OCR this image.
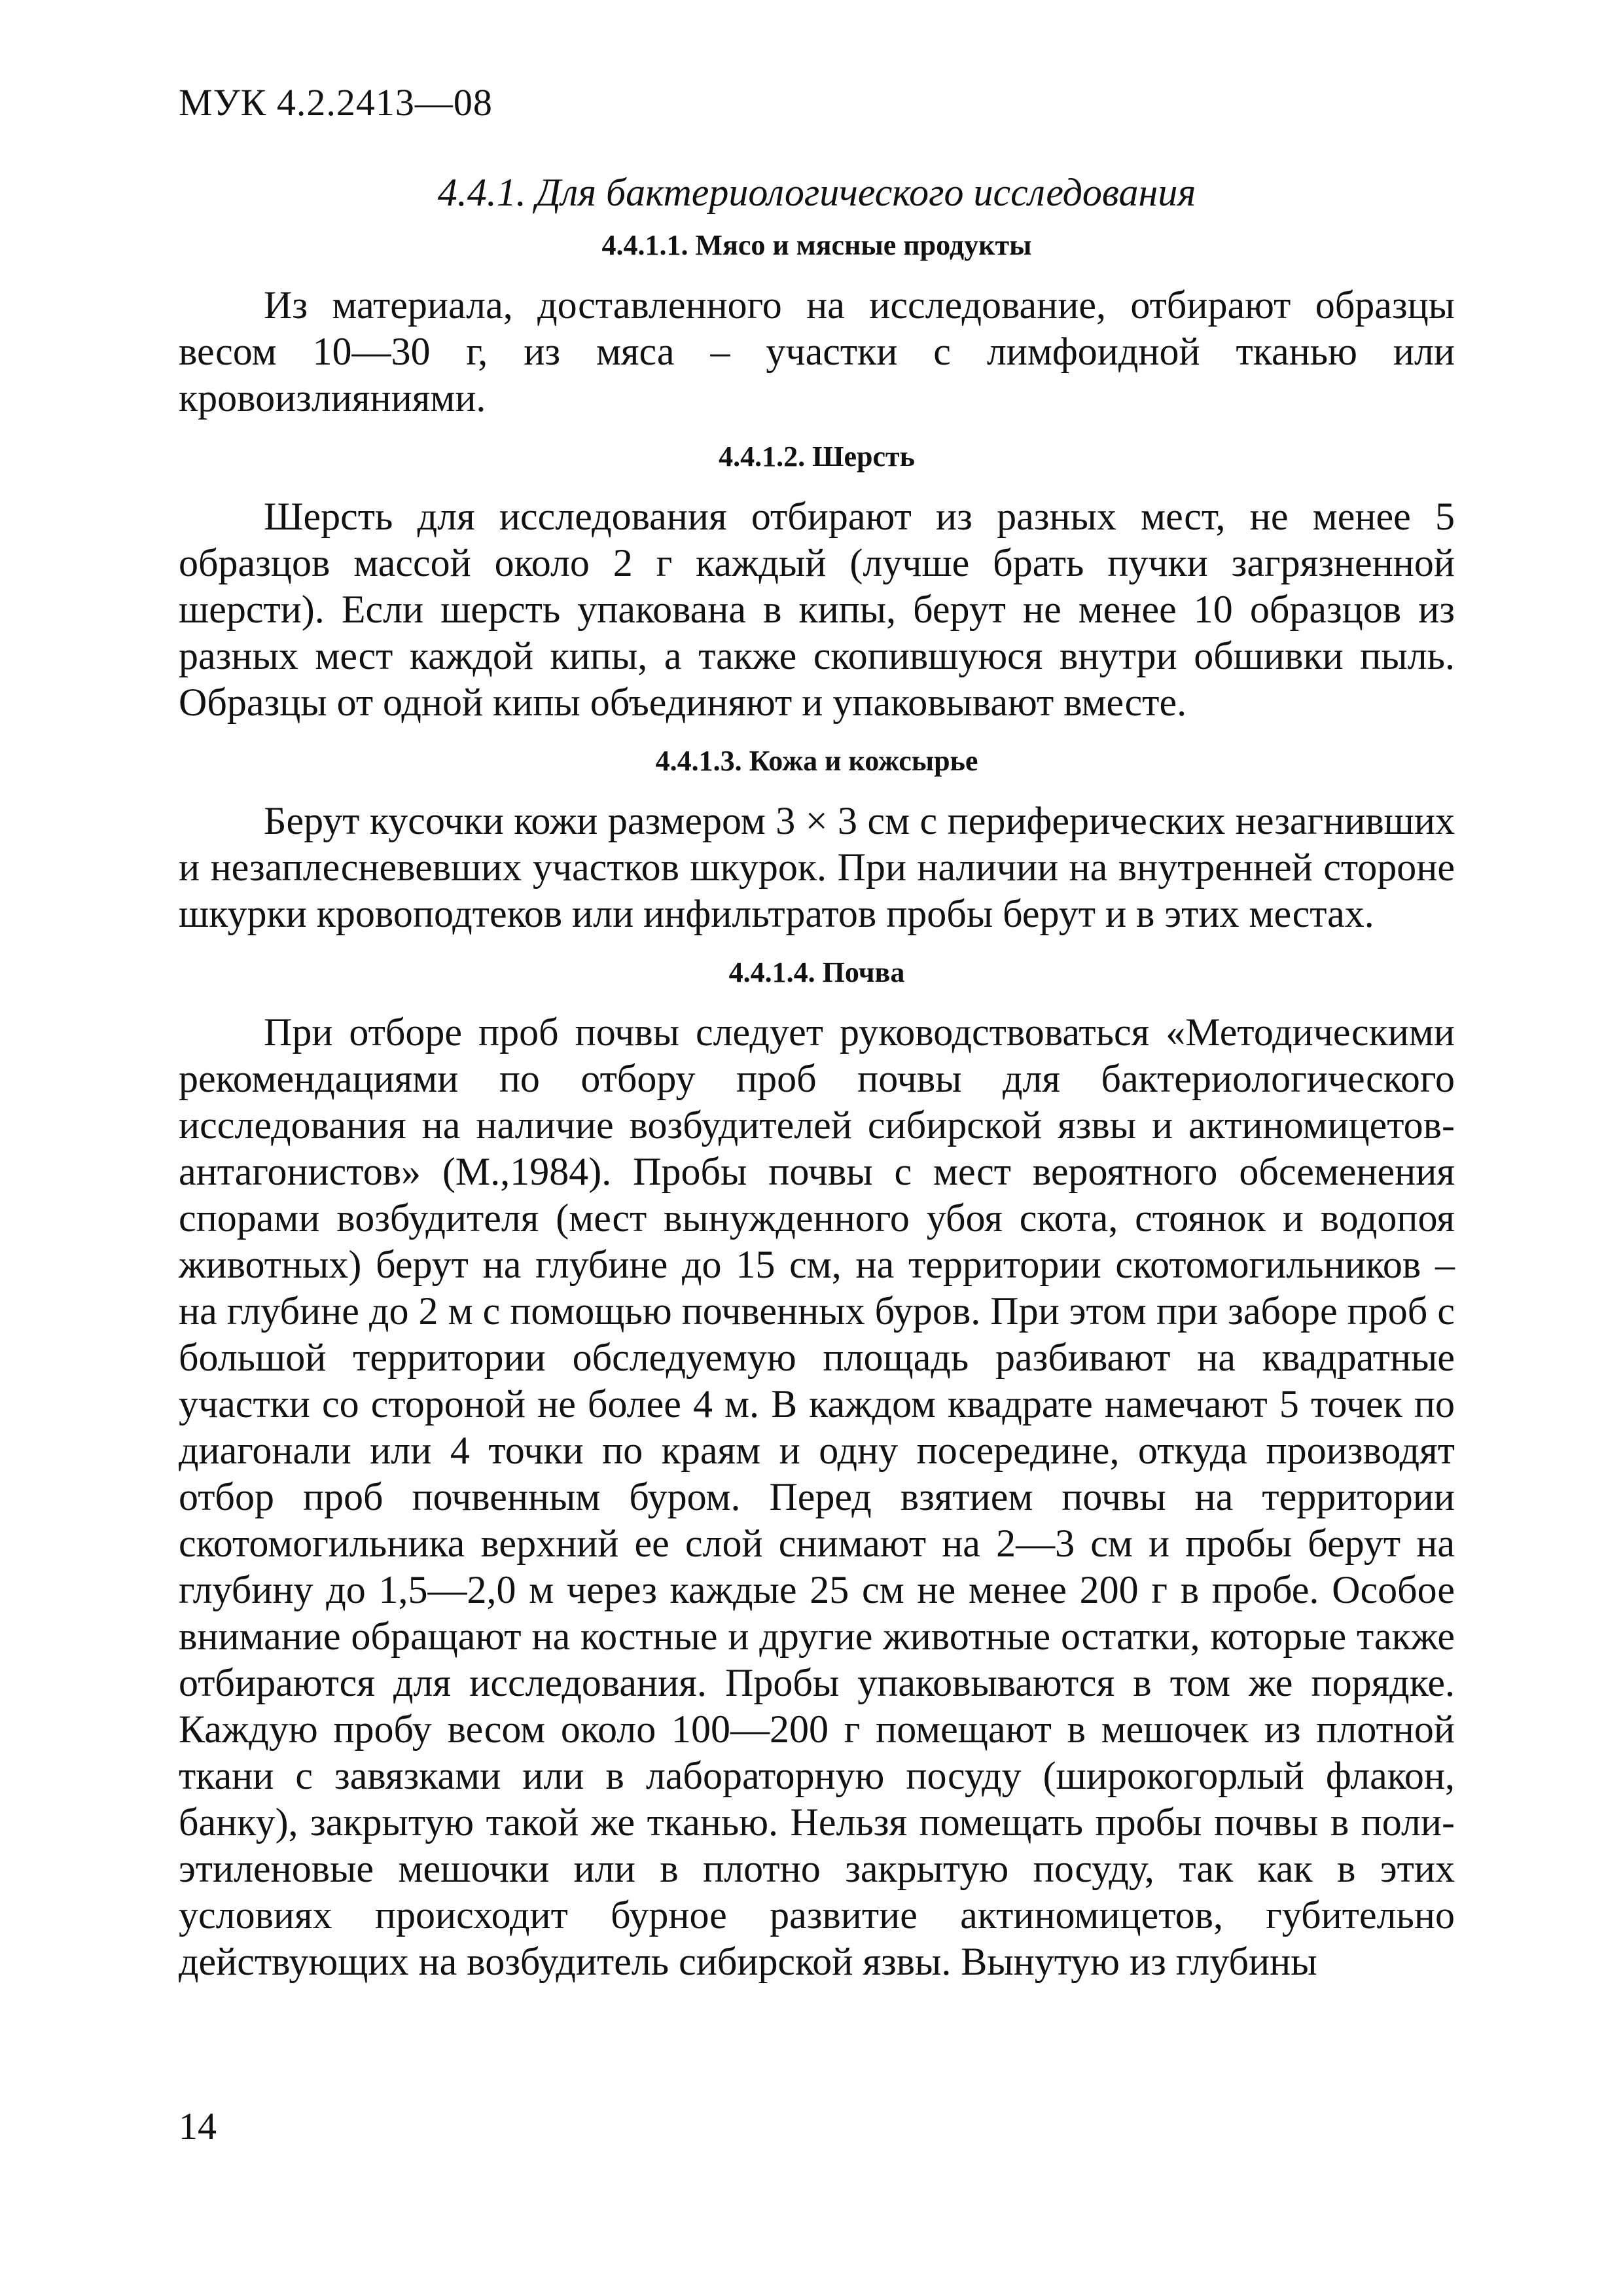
МУК 4.2.2413—08
4.4.1. Для бактериологического исследования
4.4.1.1. Мясо и мясные продукты

Из материала, доставленного на исследование, отбирают образцы весом 10—30 г, из мяса – участки с лимфоидной тканью или кровоизлияниями.

4.4.1.2. Шерсть

Шерсть для исследования отбирают из разных мест, не менее 5 образцов массой около 2 г каждый (лучше брать пучки загрязненной шерсти). Если шерсть упакована в кипы, берут не менее 10 образцов из разных мест каждой кипы, а также скопившуюся внутри обшивки пыль. Образцы от одной кипы объединяют и упаковывают вместе.

4.4.1.3. Кожа и кожсырье

Берут кусочки кожи размером 3 × 3 см с периферических незагнивших и незаплесневевших участков шкурок. При наличии на внутренней стороне шкурки кровоподтеков или инфильтратов пробы берут и в этих местах.

4.4.1.4. Почва

При отборе проб почвы следует руководствоваться «Методическими рекомендациями по отбору проб почвы для бактериологического исследования на наличие возбудителей сибирской язвы и актиномицетов-антагонистов» (М.,1984). Пробы почвы с мест вероятного обсеменения спорами возбудителя (мест вынужденного убоя скота, стоянок и водопоя животных) берут на глубине до 15 см, на территории скотомогильников – на глубине до 2 м с помощью почвенных буров. При этом при заборе проб с большой территории обследуемую площадь разбивают на квадратные участки со стороной не более 4 м. В каждом квадрате намечают 5 точек по диагонали или 4 точки по краям и одну посередине, откуда производят отбор проб почвенным буром. Перед взятием почвы на территории скотомогильника верхний ее слой снимают на 2—3 см и пробы берут на глубину до 1,5—2,0 м через каждые 25 см не менее 200 г в пробе. Особое внимание обращают на костные и другие животные остатки, которые также отбираются для исследования. Пробы упаковываются в том же порядке. Каждую пробу весом около 100—200 г помещают в мешочек из плотной ткани с завязками или в лабораторную посуду (широкогорлый флакон, банку), закрытую такой же тканью. Нельзя помещать пробы почвы в полиэтиленовые мешочки или в плотно закрытую посуду, так как в этих условиях происходит бурное развитие актиномицетов, губительно действующих на возбудитель сибирской язвы. Вынутую из глубины

14
